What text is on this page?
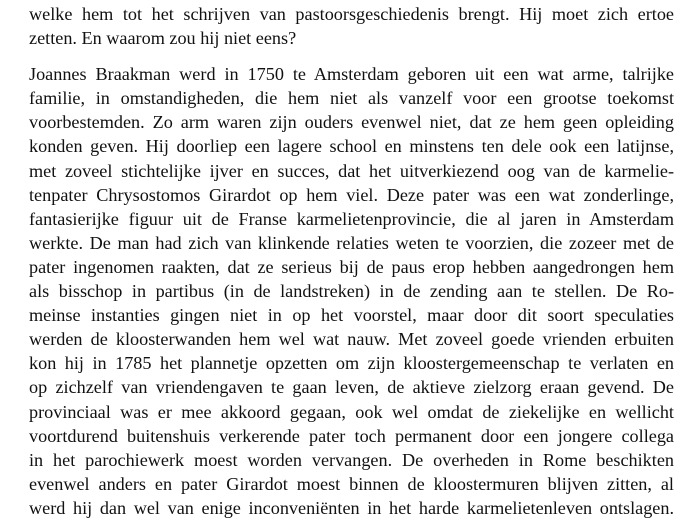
welke hem tot het schrijven van pastoorsgeschiedenis brengt. Hij moet zich ertoe
zetten. En waarom zou hij niet eens?
Joannes Braakman werd in 1750 te Amsterdam geboren uit een wat arme, talrijke
familie, in omstandigheden, die hem niet als vanzelf voor een grootse toekomst
voorbestemden. Zo arm waren zijn ouders evenwel niet, dat ze hem geen opleiding
konden geven. Hij doorliep een lagere school en minstens ten dele ook een latijnse,
met zoveel stichtelijke ijver en succes, dat het uitverkiezend oog van de karmelie-
tenpater Chrysostomos Girardot op hem viel. Deze pater was een wat zonderlinge,
fantasierijke figuur uit de Franse karmelietenprovincie, die al jaren in Amsterdam
werkte. De man had zich van klinkende relaties weten te voorzien, die zozeer met de
pater ingenomen raakten, dat ze serieus bij de paus erop hebben aangedrongen hem
als bisschop in partibus (in de landstreken) in de zending aan te stellen. De Ro-
meinse instanties gingen niet in op het voorstel, maar door dit soort speculaties
werden de kloosterwanden hem wel wat nauw. Met zoveel goede vrienden erbuiten
kon hij in 1785 het plannetje opzetten om zijn kloostergemeenschap te verlaten en
op zichzelf van vriendengaven te gaan leven, de aktieve zielzorg eraan gevend. De
provinciaal was er mee akkoord gegaan, ook wel omdat de ziekelijke en wellicht
voortdurend buitenshuis verkerende pater toch permanent door een jongere collega
in het parochiewerk moest worden vervangen. De overheden in Rome beschikten
evenwel anders en pater Girardot moest binnen de kloostermuren blijven zitten, al
werd hij dan wel van enige inconveniënten in het harde karmelietenleven ontslagen.
